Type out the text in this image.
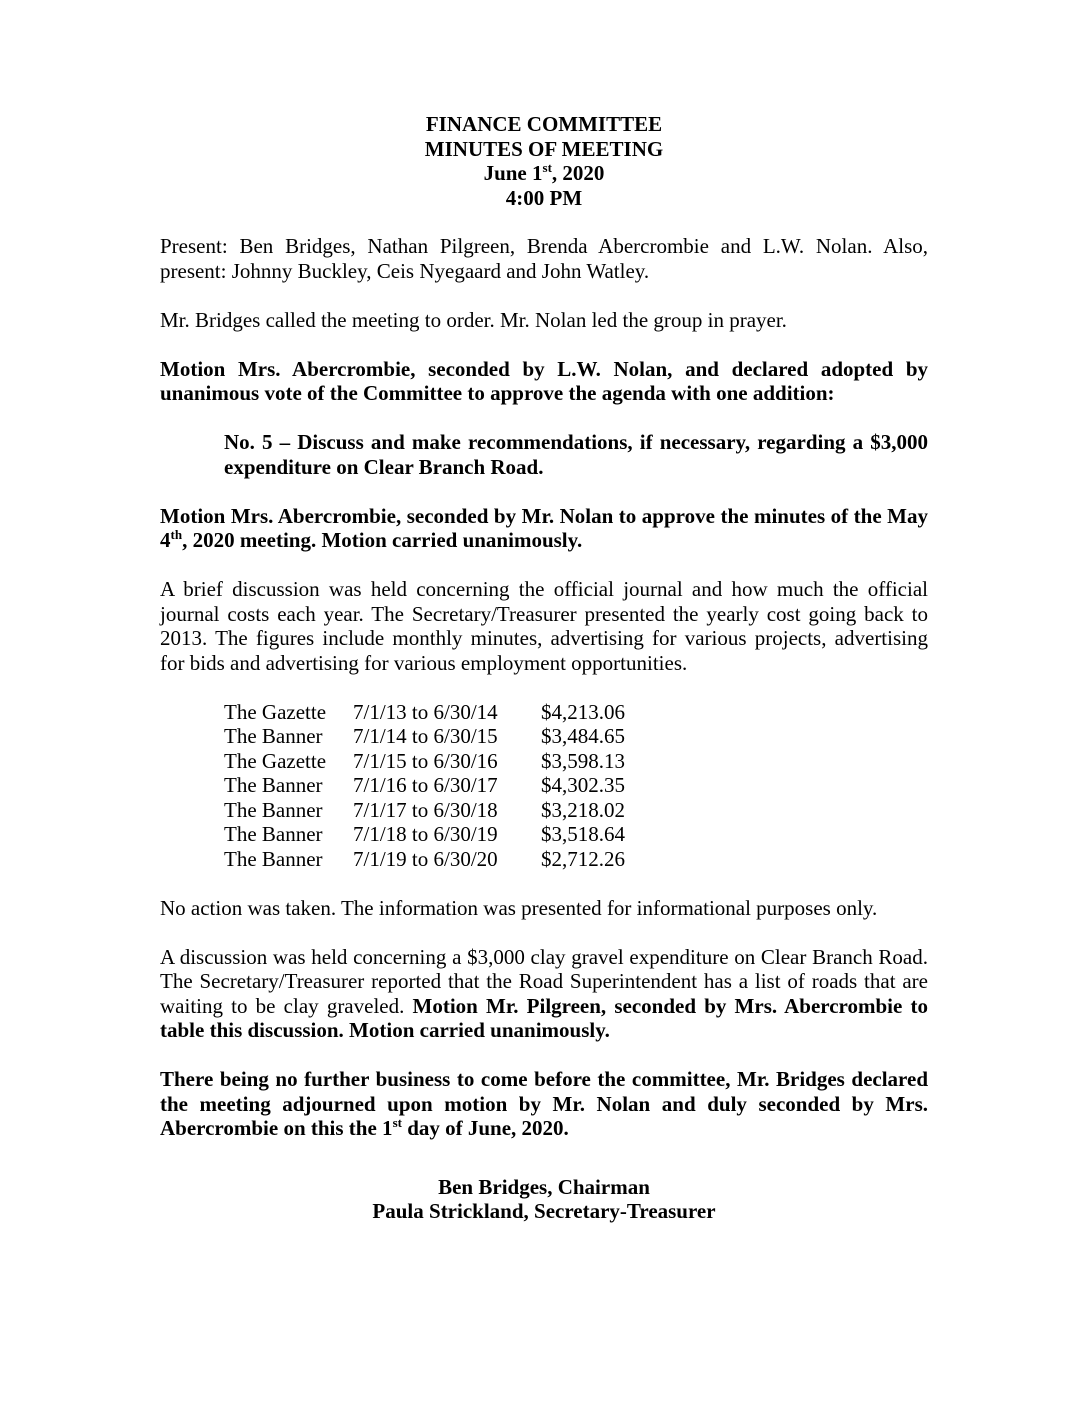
FINANCE COMMITTEE
MINUTES OF MEETING
June 1st, 2020
4:00 PM

Present: Ben Bridges, Nathan Pilgreen, Brenda Abercrombie and L.W. Nolan. Also, present: Johnny Buckley, Ceis Nyegaard and John Watley.

Mr. Bridges called the meeting to order. Mr. Nolan led the group in prayer.

Motion Mrs. Abercrombie, seconded by L.W. Nolan, and declared adopted by unanimous vote of the Committee to approve the agenda with one addition:

No. 5 – Discuss and make recommendations, if necessary, regarding a $3,000 expenditure on Clear Branch Road.

Motion Mrs. Abercrombie, seconded by Mr. Nolan to approve the minutes of the May 4th, 2020 meeting. Motion carried unanimously.

A brief discussion was held concerning the official journal and how much the official journal costs each year. The Secretary/Treasurer presented the yearly cost going back to 2013. The figures include monthly minutes, advertising for various projects, advertising for bids and advertising for various employment opportunities.

The Gazette	7/1/13 to 6/30/14	$4,213.06
The Banner	7/1/14 to 6/30/15	$3,484.65
The Gazette	7/1/15 to 6/30/16	$3,598.13
The Banner	7/1/16 to 6/30/17	$4,302.35
The Banner	7/1/17 to 6/30/18	$3,218.02
The Banner	7/1/18 to 6/30/19	$3,518.64
The Banner	7/1/19 to 6/30/20	$2,712.26

No action was taken. The information was presented for informational purposes only.

A discussion was held concerning a $3,000 clay gravel expenditure on Clear Branch Road. The Secretary/Treasurer reported that the Road Superintendent has a list of roads that are waiting to be clay graveled. Motion Mr. Pilgreen, seconded by Mrs. Abercrombie to table this discussion. Motion carried unanimously.

There being no further business to come before the committee, Mr. Bridges declared the meeting adjourned upon motion by Mr. Nolan and duly seconded by Mrs. Abercrombie on this the 1st day of June, 2020.

Ben Bridges, Chairman
Paula Strickland, Secretary-Treasurer
